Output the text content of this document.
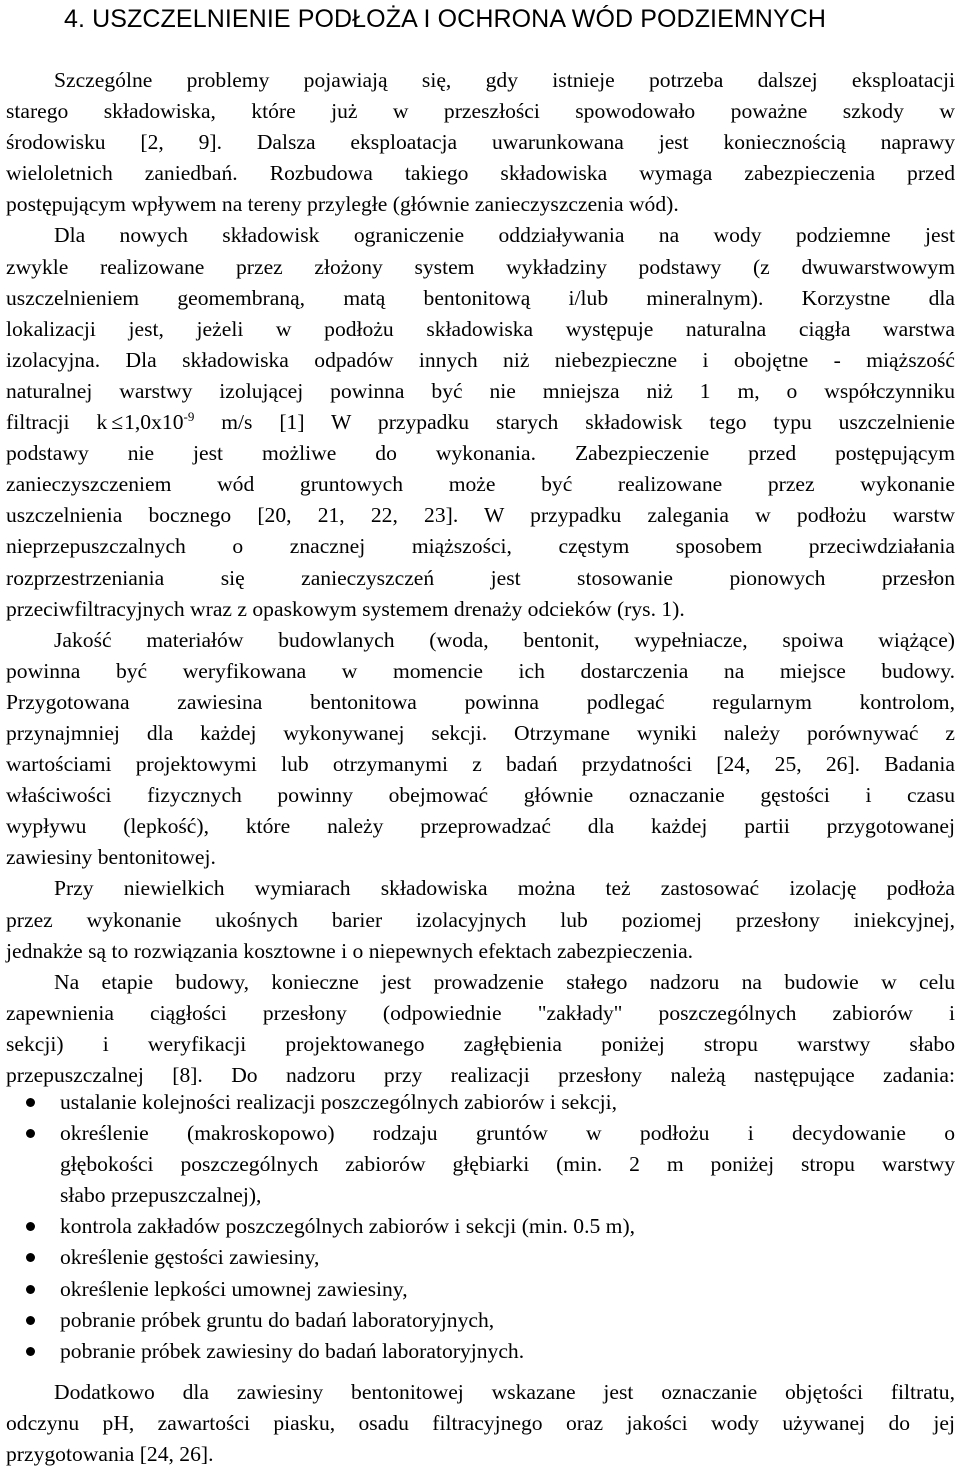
4. USZCZELNIENIE PODŁOŻA I OCHRONA WÓD PODZIEMNYCH
Szczególne problemy pojawiają się, gdy istnieje potrzeba dalszej eksploatacji
starego składowiska, które już w przeszłości spowodowało poważne szkody w
środowisku [2, 9]. Dalsza eksploatacja uwarunkowana jest koniecznością naprawy
wieloletnich zaniedbań. Rozbudowa takiego składowiska wymaga zabezpieczenia przed
postępującym wpływem na tereny przyległe (głównie zanieczyszczenia wód).
Dla nowych składowisk ograniczenie oddziaływania na wody podziemne jest
zwykle realizowane przez złożony system wykładziny podstawy (z dwuwarstwowym
uszczelnieniem geomembraną, matą bentonitową i/lub mineralnym). Korzystne dla
lokalizacji jest, jeżeli w podłożu składowiska występuje naturalna ciągła warstwa
izolacyjna. Dla składowiska odpadów innych niż niebezpieczne i obojętne - miąższość
naturalnej warstwy izolującej powinna być nie mniejsza niż 1 m, o współczynniku
filtracji $k \le 1,0x10^{-9}$ m/s [1] W przypadku starych składowisk tego typu uszczelnienie
podstawy nie jest możliwe do wykonania. Zabezpieczenie przed postępującym
zanieczyszczeniem wód gruntowych może być realizowane przez wykonanie
uszczelnienia bocznego [20, 21, 22, 23]. W przypadku zalegania w podłożu warstw
nieprzepuszczalnych o znacznej miąższości, częstym sposobem przeciwdziałania
rozprzestrzeniania się zanieczyszczeń jest stosowanie pionowych przesłon
przeciwfiltracyjnych wraz z opaskowym systemem drenaży odcieków (rys. 1).
Jakość materiałów budowlanych (woda, bentonit, wypełniacze, spoiwa wiążące)
powinna być weryfikowana w momencie ich dostarczenia na miejsce budowy.
Przygotowana zawiesina bentonitowa powinna podlegać regularnym kontrolom,
przynajmniej dla każdej wykonywanej sekcji. Otrzymane wyniki należy porównywać z
wartościami projektowymi lub otrzymanymi z badań przydatności [24, 25, 26]. Badania
właściwości fizycznych powinny obejmować głównie oznaczanie gęstości i czasu
wypływu (lepkość), które należy przeprowadzać dla każdej partii przygotowanej
zawiesiny bentonitowej.
Przy niewielkich wymiarach składowiska można też zastosować izolację podłoża
przez wykonanie ukośnych barier izolacyjnych lub poziomej przesłony iniekcyjnej,
jednakże są to rozwiązania kosztowne i o niepewnych efektach zabezpieczenia.
Na etapie budowy, konieczne jest prowadzenie stałego nadzoru na budowie w celu
zapewnienia ciągłości przesłony (odpowiednie "zakłady" poszczególnych zabiorów i
sekcji) i weryfikacji projektowanego zagłębienia poniżej stropu warstwy słabo
przepuszczalnej [8]. Do nadzoru przy realizacji przesłony należą następujące zadania:
ustalanie kolejności realizacji poszczególnych zabiorów i sekcji,
określenie (makroskopowo) rodzaju gruntów w podłożu i decydowanie o
głębokości poszczególnych zabiorów głębiarki (min. 2 m poniżej stropu warstwy
słabo przepuszczalnej),
kontrola zakładów poszczególnych zabiorów i sekcji (min. 0.5 m),
określenie gęstości zawiesiny,
określenie lepkości umownej zawiesiny,
pobranie próbek gruntu do badań laboratoryjnych,
pobranie próbek zawiesiny do badań laboratoryjnych.
Dodatkowo dla zawiesiny bentonitowej wskazane jest oznaczanie objętości filtratu,
odczynu pH, zawartości piasku, osadu filtracyjnego oraz jakości wody używanej do jej
przygotowania [24, 26].
